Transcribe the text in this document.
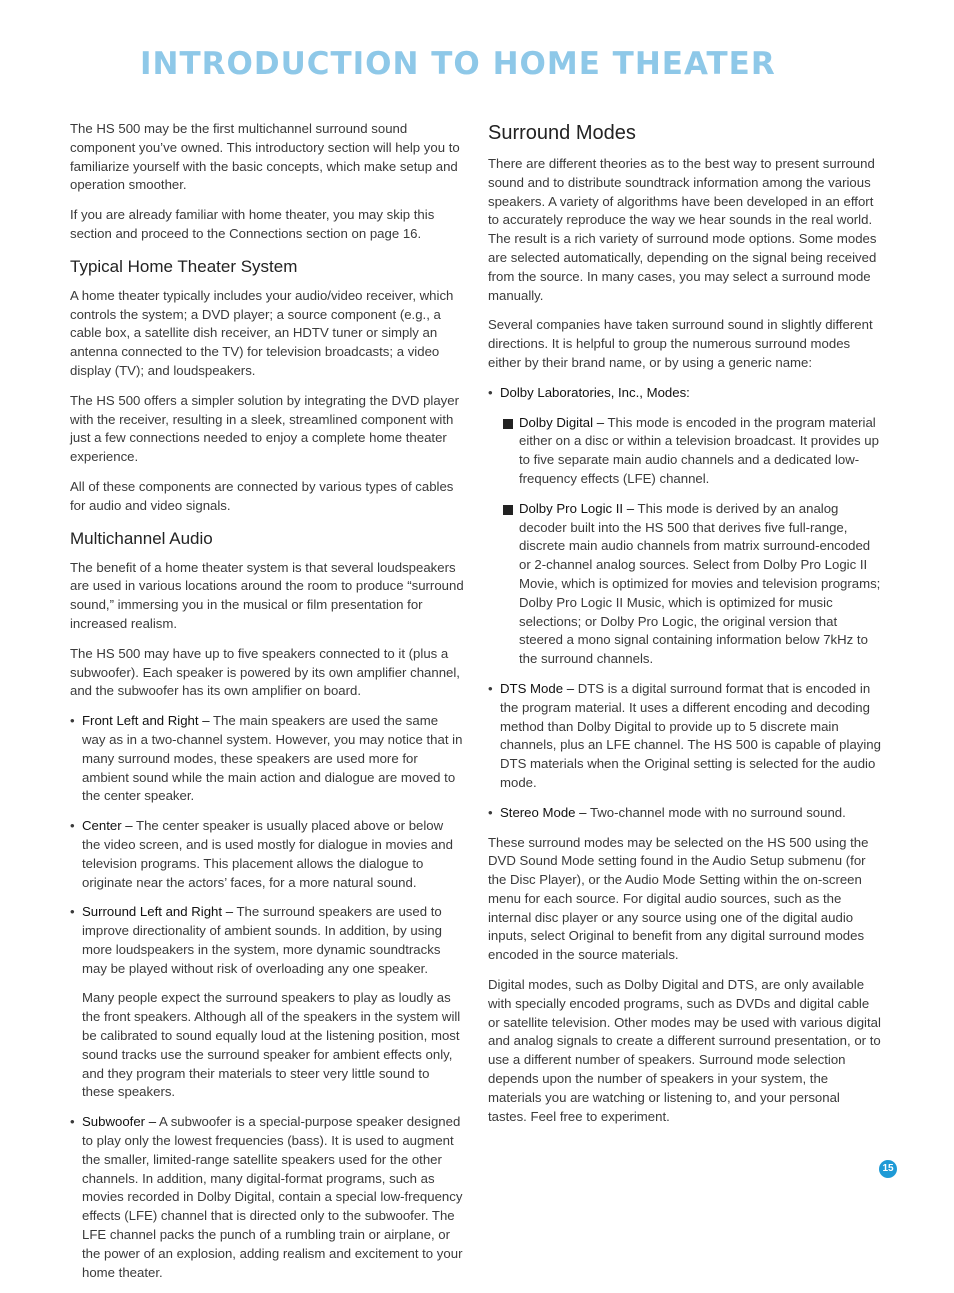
INTRODUCTION TO HOME THEATER

The HS 500 may be the first multichannel surround sound component you’ve owned. This introductory section will help you to familiarize yourself with the basic concepts, which make setup and operation smoother.

If you are already familiar with home theater, you may skip this section and proceed to the Connections section on page 16.

Typical Home Theater System

A home theater typically includes your audio/video receiver, which controls the system; a DVD player; a source component (e.g., a cable box, a satellite dish receiver, an HDTV tuner or simply an antenna connected to the TV) for television broadcasts; a video display (TV); and loudspeakers.

The HS 500 offers a simpler solution by integrating the DVD player with the receiver, resulting in a sleek, streamlined component with just a few connections needed to enjoy a complete home theater experience.

All of these components are connected by various types of cables for audio and video signals.

Multichannel Audio

The benefit of a home theater system is that several loudspeakers are used in various locations around the room to produce “surround sound,” immersing you in the musical or film presentation for increased realism.

The HS 500 may have up to five speakers connected to it (plus a subwoofer). Each speaker is powered by its own amplifier channel, and the subwoofer has its own amplifier on board.

• Front Left and Right – The main speakers are used the same way as in a two-channel system. However, you may notice that in many surround modes, these speakers are used more for ambient sound while the main action and dialogue are moved to the center speaker.
• Center – The center speaker is usually placed above or below the video screen, and is used mostly for dialogue in movies and television programs. This placement allows the dialogue to originate near the actors’ faces, for a more natural sound.
• Surround Left and Right – The surround speakers are used to improve directionality of ambient sounds. In addition, by using more loudspeakers in the system, more dynamic soundtracks may be played without risk of overloading any one speaker.

Many people expect the surround speakers to play as loudly as the front speakers. Although all of the speakers in the system will be calibrated to sound equally loud at the listening position, most sound tracks use the surround speaker for ambient effects only, and they program their materials to steer very little sound to these speakers.

• Subwoofer – A subwoofer is a special-purpose speaker designed to play only the lowest frequencies (bass). It is used to augment the smaller, limited-range satellite speakers used for the other channels. In addition, many digital-format programs, such as movies recorded in Dolby Digital, contain a special low-frequency effects (LFE) channel that is directed only to the subwoofer. The LFE channel packs the punch of a rumbling train or airplane, or the power of an explosion, adding realism and excitement to your home theater.
Surround Modes

There are different theories as to the best way to present surround sound and to distribute soundtrack information among the various speakers. A variety of algorithms have been developed in an effort to accurately reproduce the way we hear sounds in the real world. The result is a rich variety of surround mode options. Some modes are selected automatically, depending on the signal being received from the source. In many cases, you may select a surround mode manually.

Several companies have taken surround sound in slightly different directions. It is helpful to group the numerous surround modes either by their brand name, or by using a generic name:

• Dolby Laboratories, Inc., Modes:
Dolby Digital – This mode is encoded in the program material either on a disc or within a television broadcast. It provides up to five separate main audio channels and a dedicated low-frequency effects (LFE) channel.
Dolby Pro Logic II – This mode is derived by an analog decoder built into the HS 500 that derives five full-range, discrete main audio channels from matrix surround-encoded or 2-channel analog sources. Select from Dolby Pro Logic II Movie, which is optimized for movies and television programs; Dolby Pro Logic II Music, which is optimized for music selections; or Dolby Pro Logic, the original version that steered a mono signal containing information below 7kHz to the surround channels.
• DTS Mode – DTS is a digital surround format that is encoded in the program material. It uses a different encoding and decoding method than Dolby Digital to provide up to 5 discrete main channels, plus an LFE channel. The HS 500 is capable of playing DTS materials when the Original setting is selected for the audio mode.
• Stereo Mode – Two-channel mode with no surround sound.

These surround modes may be selected on the HS 500 using the DVD Sound Mode setting found in the Audio Setup submenu (for the Disc Player), or the Audio Mode Setting within the on-screen menu for each source. For digital audio sources, such as the internal disc player or any source using one of the digital audio inputs, select Original to benefit from any digital surround modes encoded in the source materials.

Digital modes, such as Dolby Digital and DTS, are only available with specially encoded programs, such as DVDs and digital cable or satellite television. Other modes may be used with various digital and analog signals to create a different surround presentation, or to use a different number of speakers. Surround mode selection depends upon the number of speakers in your system, the materials you are watching or listening to, and your personal tastes. Feel free to experiment.

15
